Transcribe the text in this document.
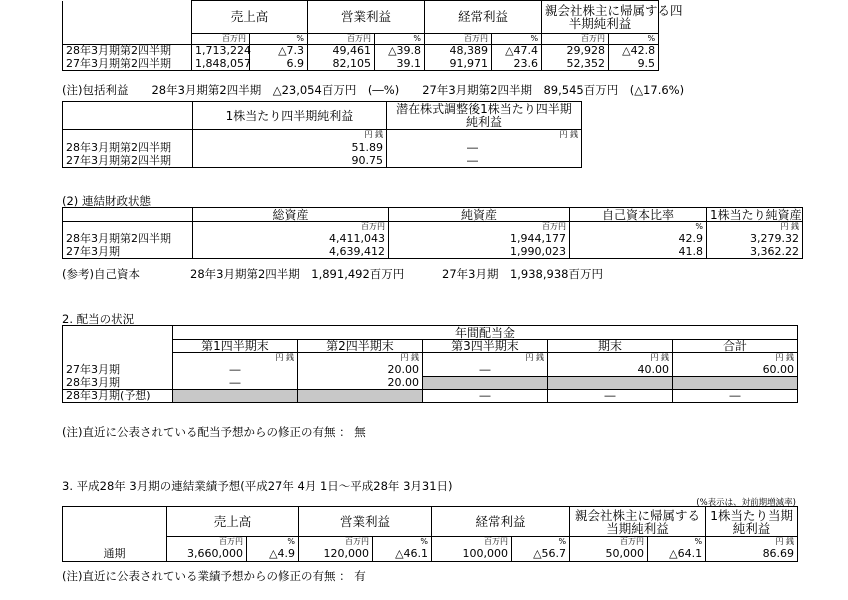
	売上高		営業利益		経常利益		親会社株主に帰属する四
半期純利益	
	百万円	%	百万円	%	百万円	%	百万円	%
28年3月期第2四半期	1,713,224	△7.3	49,461	△39.8	48,389	△47.4	29,928	△42.8
27年3月期第2四半期	1,848,057	6.9	82,105	39.1	91,971	23.6	52,352	9.5
(注)包括利益　　28年3月期第2四半期　△23,054百万円　(―%)　　27年3月期第2四半期　89,545百万円　(△17.6%)
	1株当たり四半期純利益	潜在株式調整後1株当たり四半期
純利益
	円 銭	円 銭
28年3月期第2四半期	51.89	―
27年3月期第2四半期	90.75	―
(2) 連結財政状態
	総資産	純資産	自己資本比率	1株当たり純資産
	百万円	百万円	%	円 銭
28年3月期第2四半期	4,411,043	1,944,177	42.9	3,279.32
27年3月期	4,639,412	1,990,023	41.8	3,362.22
(参考)自己資本	28年3月期第2四半期　1,891,492百万円	27年3月期　1,938,938百万円
2. 配当の状況
	年間配当金				
	第1四半期末	第2四半期末	第3四半期末	期末	合計
	円 銭	円 銭	円 銭	円 銭	円 銭
27年3月期	―	20.00	―	40.00	60.00
28年3月期	―	20.00			
28年3月期(予想)			―	―	―
(注)直近に公表されている配当予想からの修正の有無 ： 無
3. 平成28年 3月期の連結業績予想(平成27年 4月 1日～平成28年 3月31日)
(%表示は、対前期増減率)
	売上高		営業利益		経常利益		親会社株主に帰属する
当期純利益		1株当たり当期
純利益
	百万円	%	百万円	%	百万円	%	百万円	%	円 銭
通期	3,660,000	△4.9	120,000	△46.1	100,000	△56.7	50,000	△64.1	86.69
(注)直近に公表されている業績予想からの修正の有無 ： 有
